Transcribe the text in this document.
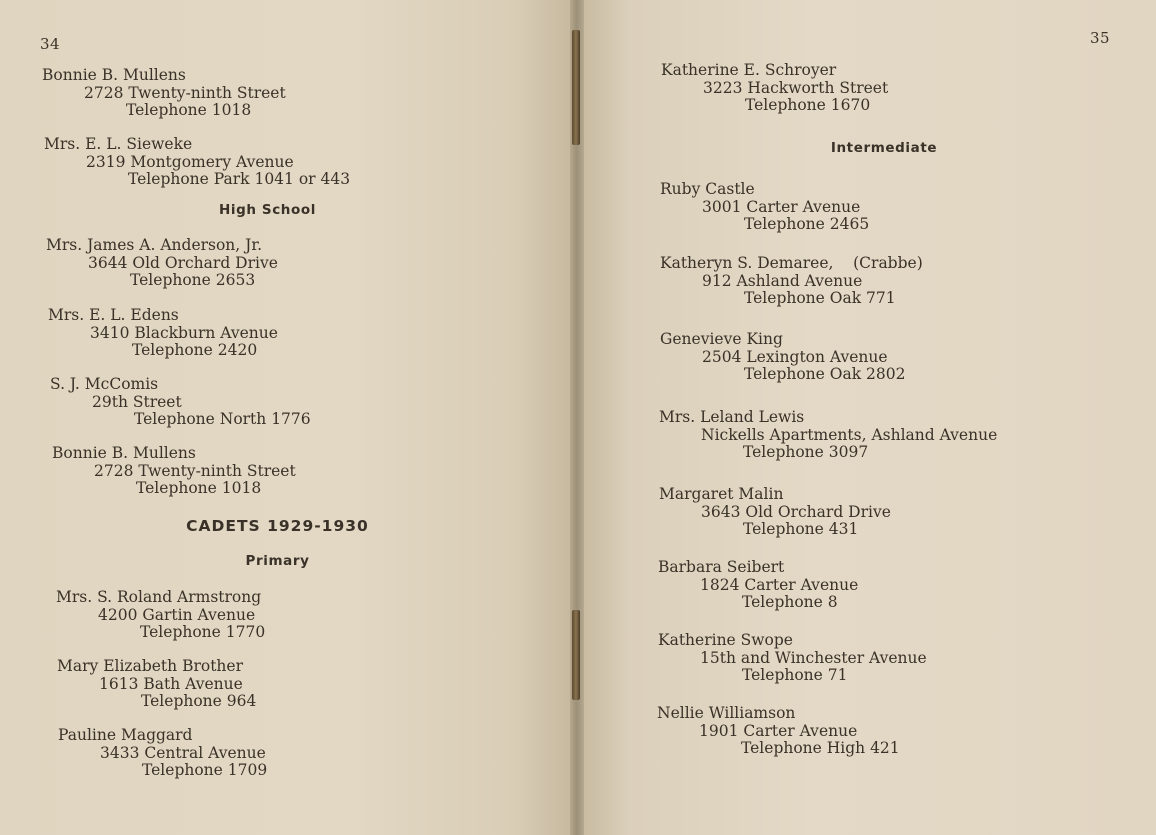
34
Bonnie B. Mullens
2728 Twenty-ninth Street
Telephone 1018
Mrs. E. L. Sieweke
2319 Montgomery Avenue
Telephone Park 1041 or 443
High School
Mrs. James A. Anderson, Jr.
3644 Old Orchard Drive
Telephone 2653
Mrs. E. L. Edens
3410 Blackburn Avenue
Telephone 2420
S. J. McComis
29th Street
Telephone North 1776
Bonnie B. Mullens
2728 Twenty-ninth Street
Telephone 1018
CADETS 1929-1930
Primary
Mrs. S. Roland Armstrong
4200 Gartin Avenue
Telephone 1770
Mary Elizabeth Brother
1613 Bath Avenue
Telephone 964
Pauline Maggard
3433 Central Avenue
Telephone 1709
35
Katherine E. Schroyer
3223 Hackworth Street
Telephone 1670
Intermediate
Ruby Castle
3001 Carter Avenue
Telephone 2465
Katheryn S. Demaree,    (Crabbe)
912 Ashland Avenue
Telephone Oak 771
Genevieve King
2504 Lexington Avenue
Telephone Oak 2802
Mrs. Leland Lewis
Nickells Apartments, Ashland Avenue
Telephone 3097
Margaret Malin
3643 Old Orchard Drive
Telephone 431
Barbara Seibert
1824 Carter Avenue
Telephone 8
Katherine Swope
15th and Winchester Avenue
Telephone 71
Nellie Williamson
1901 Carter Avenue
Telephone High 421
